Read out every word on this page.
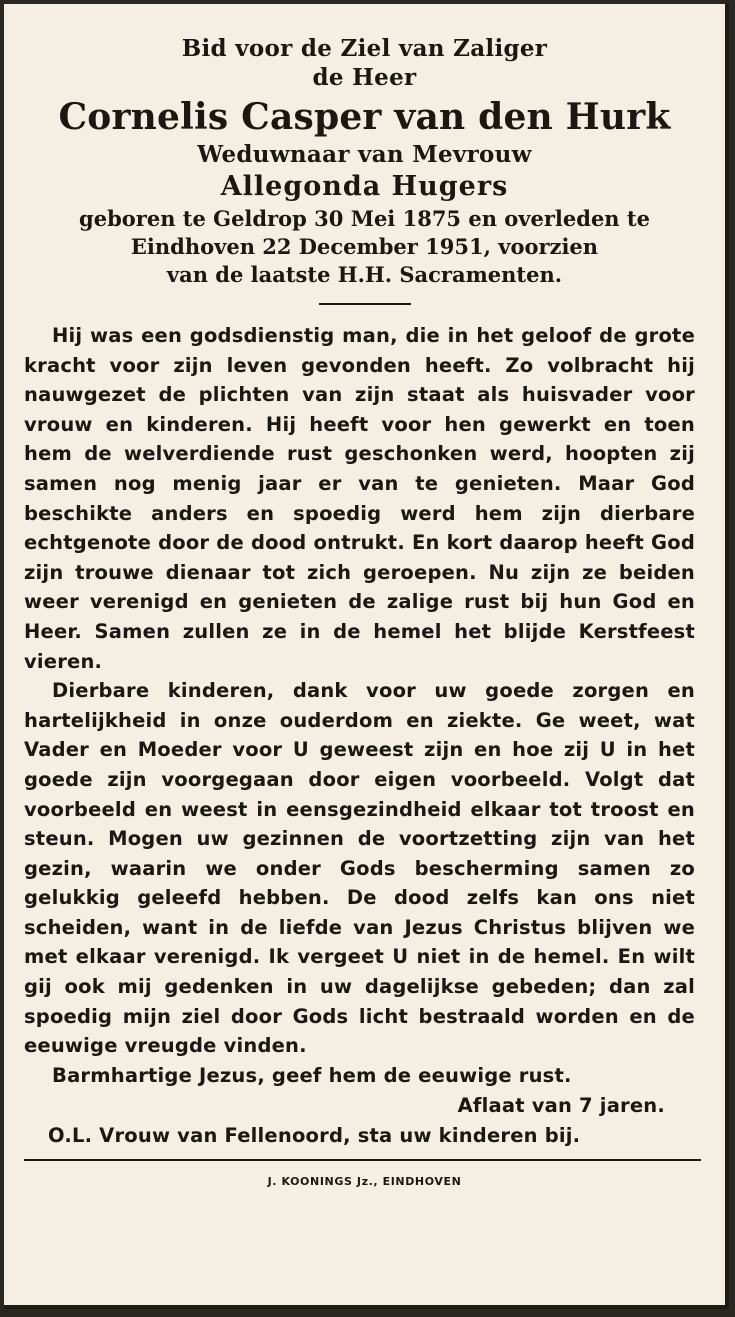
Bid voor de Ziel van Zaliger
de Heer
Cornelis Casper van den Hurk
Weduwnaar van Mevrouw
Allegonda Hugers
geboren te Geldrop 30 Mei 1875 en overleden te
Eindhoven 22 December 1951, voorzien
van de laatste H.H. Sacramenten.

Hij was een godsdienstig man, die in het geloof de grote kracht voor zijn leven gevonden heeft. Zo volbracht hij nauwgezet de plichten van zijn staat als huisvader voor vrouw en kinderen. Hij heeft voor hen gewerkt en toen hem de welverdiende rust geschonken werd, hoopten zij samen nog menig jaar er van te genieten. Maar God beschikte anders en spoedig werd hem zijn dierbare echtgenote door de dood ontrukt. En kort daarop heeft God zijn trouwe dienaar tot zich geroepen. Nu zijn ze beiden weer verenigd en genieten de zalige rust bij hun God en Heer. Samen zullen ze in de hemel het blijde Kerstfeest vieren.

Dierbare kinderen, dank voor uw goede zorgen en hartelijkheid in onze ouderdom en ziekte. Ge weet, wat Vader en Moeder voor U geweest zijn en hoe zij U in het goede zijn voorgegaan door eigen voorbeeld. Volgt dat voorbeeld en weest in eensgezindheid elkaar tot troost en steun. Mogen uw gezinnen de voortzetting zijn van het gezin, waarin we onder Gods bescherming samen zo gelukkig geleefd hebben. De dood zelfs kan ons niet scheiden, want in de liefde van Jezus Christus blijven we met elkaar verenigd. Ik vergeet U niet in de hemel. En wilt gij ook mij gedenken in uw dagelijkse gebeden; dan zal spoedig mijn ziel door Gods licht bestraald worden en de eeuwige vreugde vinden.

Barmhartige Jezus, geef hem de eeuwige rust.
Aflaat van 7 jaren.
O.L. Vrouw van Fellenoord, sta uw kinderen bij.
J. KOONINGS Jz., EINDHOVEN
